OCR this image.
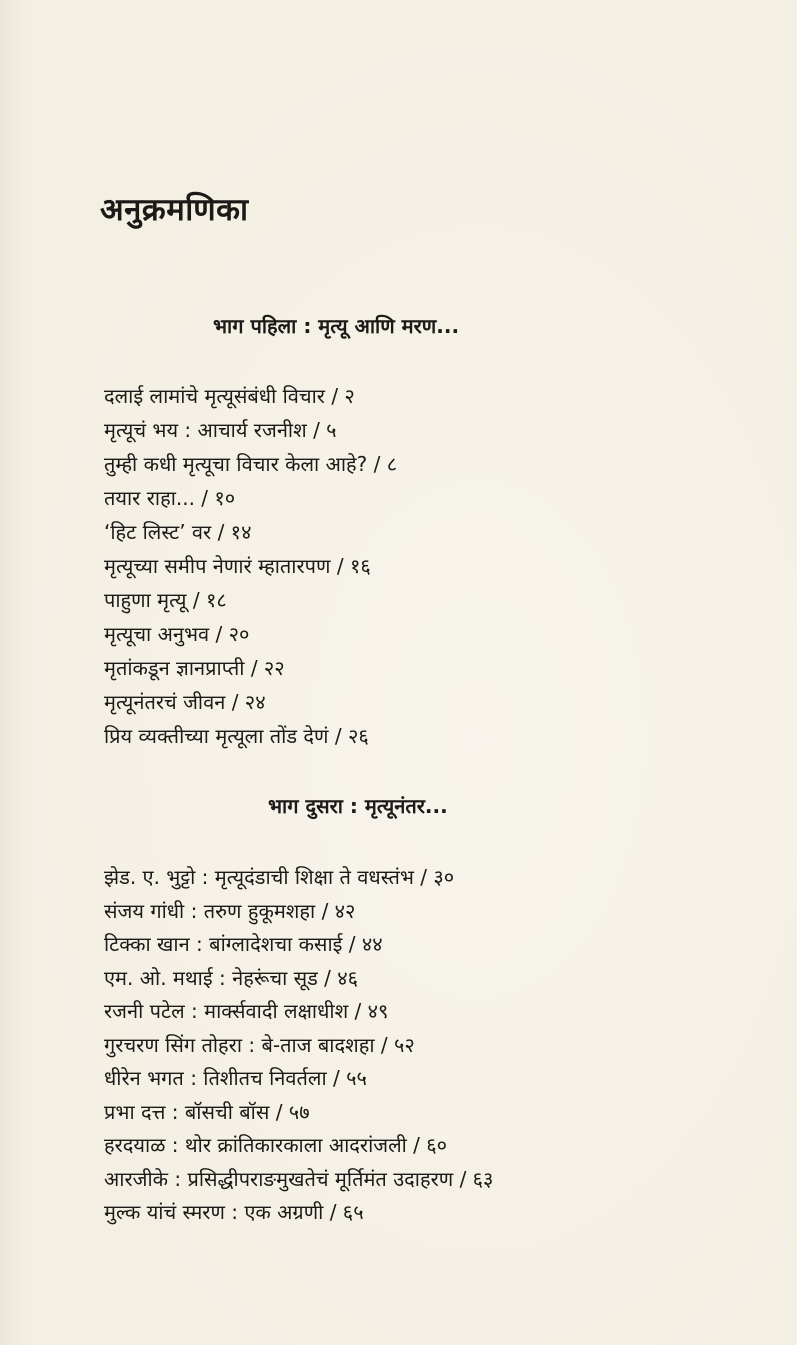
अनुक्रमणिका
भाग पहिला : मृत्यू आणि मरण...
दलाई लामांचे मृत्यूसंबंधी विचार / २
मृत्यूचं भय : आचार्य रजनीश / ५
तुम्ही कधी मृत्यूचा विचार केला आहे? / ८
तयार राहा... / १०
‘हिट लिस्ट’ वर / १४
मृत्यूच्या समीप नेणारं म्हातारपण / १६
पाहुणा मृत्यू / १८
मृत्यूचा अनुभव / २०
मृतांकडून ज्ञानप्राप्ती / २२
मृत्यूनंतरचं जीवन / २४
प्रिय व्यक्तीच्या मृत्यूला तोंड देणं / २६
भाग दुसरा : मृत्यूनंतर...
झेड. ए. भुट्टो : मृत्यूदंडाची शिक्षा ते वधस्तंभ / ३०
संजय गांधी : तरुण हुकूमशहा / ४२
टिक्का खान : बांग्लादेशचा कसाई / ४४
एम. ओ. मथाई : नेहरूंचा सूड / ४६
रजनी पटेल : मार्क्सवादी लक्षाधीश / ४९
गुरचरण सिंग तोहरा : बे-ताज बादशहा / ५२
धीरेन भगत : तिशीतच निवर्तला / ५५
प्रभा दत्त : बॉसची बॉस / ५७
हरदयाळ : थोर क्रांतिकारकाला आदरांजली / ६०
आरजीके : प्रसिद्धीपराङमुखतेचं मूर्तिमंत उदाहरण / ६३
मुल्क यांचं स्मरण : एक अग्रणी / ६५
